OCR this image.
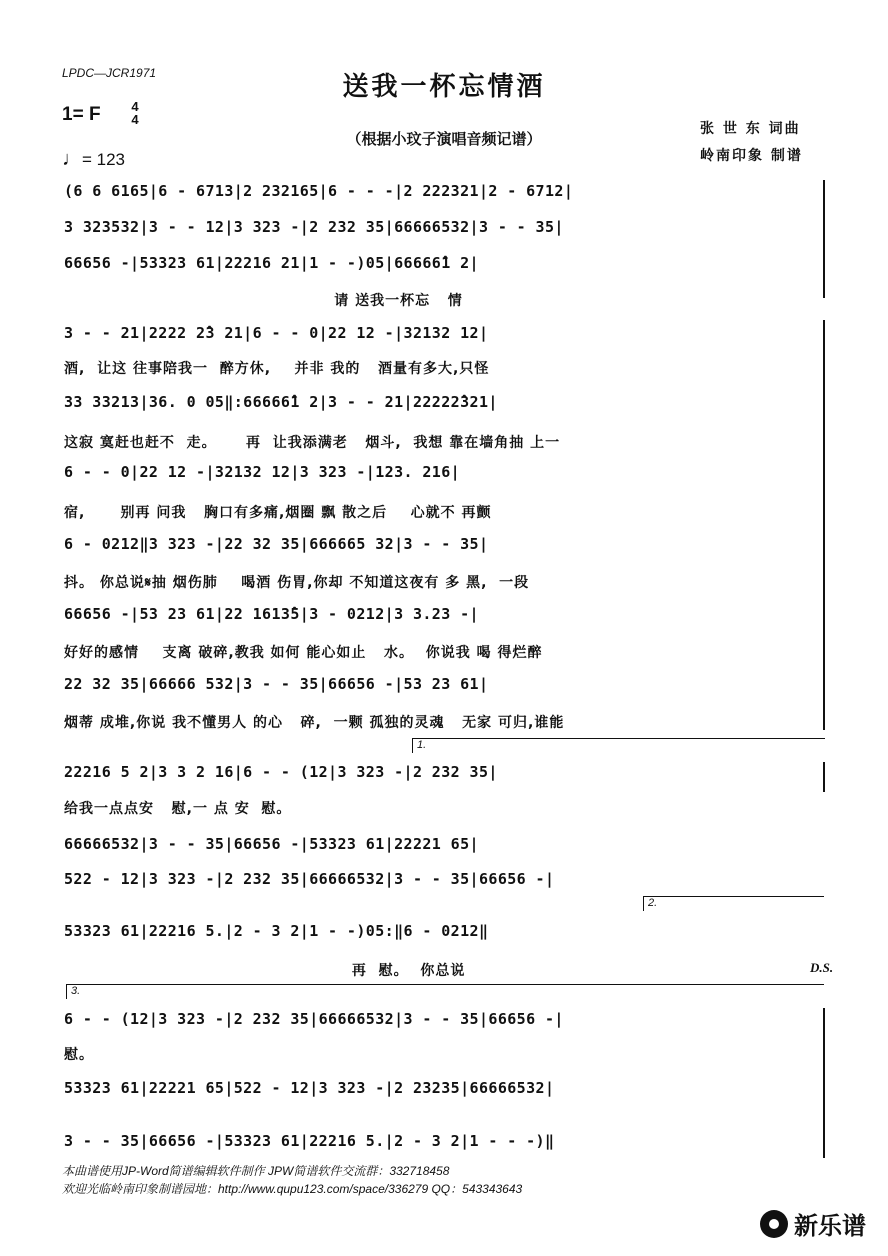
LPDC—JCR1971	送我一杯忘情酒
1= F 4
4
♩= 123
（根据小玟子演唱音频记谱）
张 世 东 词曲
岭南印象 制谱
(6 6 6165|6 - 6713|2 232165|6 - - -|2 222321|2 - 6712|
3 323532|3 - - 12|3 323 -|2 232 35|66666532|3 - - 35|
66656 -|53323 61|22216 21|1 - -)05|66666̂1 2|
请 送我一杯忘   情
3 - - 21|2222 2̂3 21|6 - - 0|22 12 -|32132 12|
酒,  让这 往事陪我一  醉方休,    并非 我的   酒量有多大,只怪
33 33213|36. 0 05‖:66666̂1 2|3 - - 21|22222̂321|
这寂 寞赶也赶不  走。     再  让我添满老   烟斗,  我想 靠在墙角抽 上一
6 - - 0|22 12 -|32132 12|3 323 -|123. 216|
宿,      别再 问我   胸口有多痛,烟圈 飘 散之后    心就不 再颤
6 - 0212‖3 323 -|22 32 35|666665 32|3 - - 35|
抖。 你总说𝄋抽 烟伤肺    喝酒 伤胃,你却 不知道这夜有 多 黑,  一段
66656 -|53 23 61|22 1613̂5|3 - 0212|3 3.23 -|
好好的感情    支离 破碎,教我 如何 能心如止   水。  你说我 喝 得烂醉
22 32 35|66666 532|3 - - 35|66656 -|53 23 61|
烟蒂 成堆,你说 我不懂男人 的心   碎,  一颗 孤独的灵魂   无家 可归,谁能
1.
22216 5 2|3 3 2 16|6 - - (12|3 323 -|2 232 35|
给我一点点安   慰,一 点 安  慰。
66666532|3 - - 35|66656 -|53323 61|22221 65|
522 - 12|3 323 -|2 232 35|66666532|3 - - 35|66656 -|
2.
53323 61|22216 5.|2 - 3 2|1 - -)05:‖6 - 0212‖
再  慰。  你总说	D.S.
3.
6 - - (12|3 323 -|2 232 35|66666532|3 - - 35|66656 -|
慰。
53323 61|22221 65|522 - 12|3 323 -|2 23235|66666532|
3 - - 35|66656 -|53323 61|22216 5.|2 - 3 2|1 - - -)‖
本曲谱使用JP-Word简谱编辑软件制作 JPW简谱软件交流群：332718458
欢迎光临岭南印象制谱园地：http://www.qupu123.com/space/336279 QQ：543343643
新乐谱
